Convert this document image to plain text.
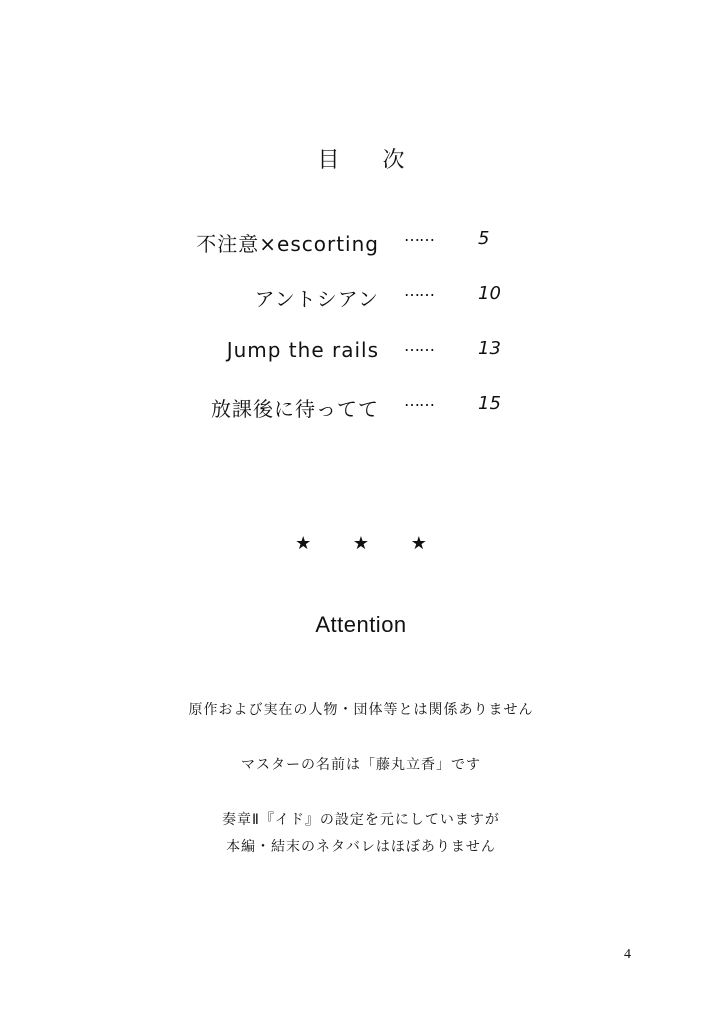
目 次
不注意×escorting …… 5
アントシアン …… 10
Jump the rails …… 13
放課後に待ってて …… 15
★ ★ ★
Attention
原作および実在の人物・団体等とは関係ありません
マスターの名前は「藤丸立香」です
奏章Ⅱ『イド』の設定を元にしていますが
本編・結末のネタバレはほぼありません
4
